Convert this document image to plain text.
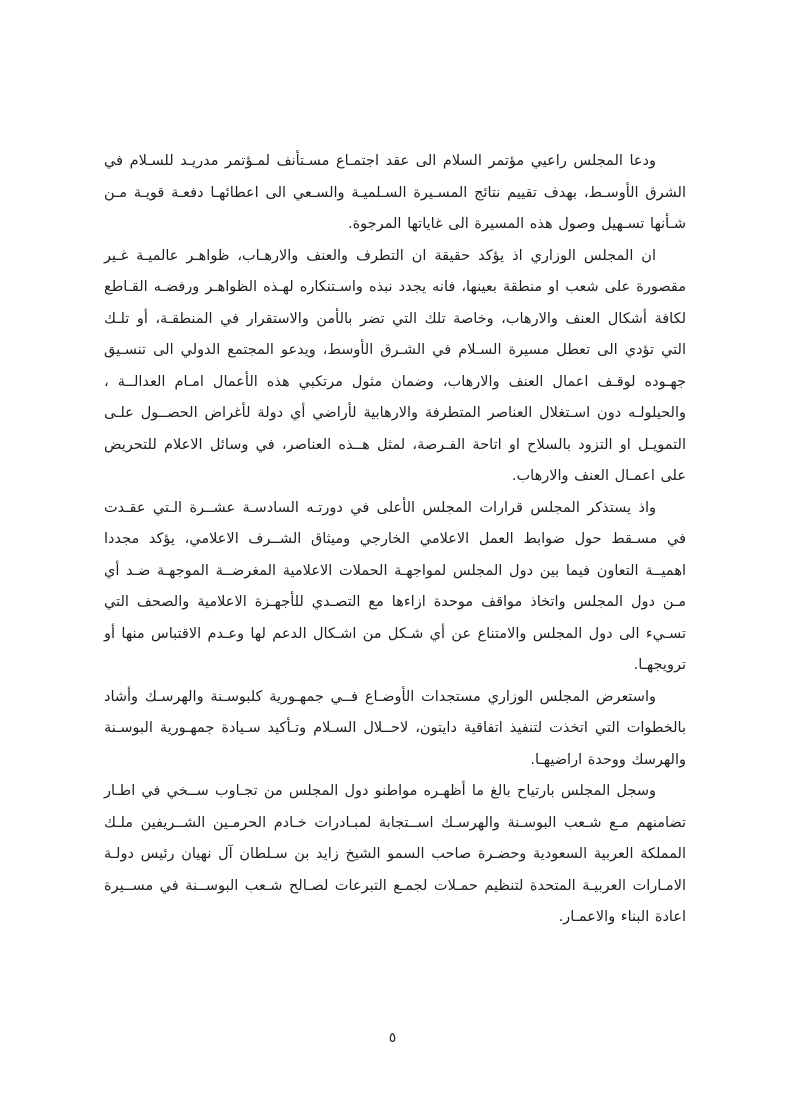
ودعا المجلس راعيي مؤتمر السلام الى عقد اجتمـاع مسـتأنف لمـؤتمر مدريـد للسـلام في الشرق الأوسـط، بهدف تقييم نتائج المسـيرة السـلميـة والسـعي الى اعطائهـا دفعـة قويـة مـن شـأنها تسـهيل وصول هذه المسيرة الى غاياتها المرجوة.

ان المجلس الوزاري اذ يؤكد حقيقة ان التطرف والعنف والارهـاب، ظواهـر عالميـة غـير مقصورة على شعب او منطقة بعينها، فانه يجدد نبذه واسـتنكاره لهـذه الظواهـر ورفضـه القـاطع لكافة أشكال العنف والارهاب، وخاصة تلك التي تضر بالأمن والاستقرار في المنطقـة، أو تلـك التي تؤدي الى تعطل مسيرة السـلام في الشـرق الأوسط، ويدعو المجتمع الدولي الى تنسـيق جهـوده لوقـف اعمال العنف والارهاب، وضمان مثول مرتكبي هذه الأعمال امـام العدالــة ، والحيلولـه دون اسـتغلال العناصر المتطرفة والارهابية لأراضي أي دولة لأغراض الحصــول علـى التمويـل او التزود بالسلاح او اتاحة الفـرصة، لمثل هــذه العناصر، في وسائل الاعلام للتحريض على اعمـال العنف والارهاب.

واذ يستذكر المجلس قرارات المجلس الأعلى في دورتـه السادسـة عشــرة الـتي عقـدت في مسـقط حول ضوابط العمل الاعلامي الخارجي وميثاق الشــرف الاعلامي، يؤكد مجددا اهميــة التعاون فيما بين دول المجلس لمواجهـة الحملات الاعلامية المغرضــة الموجهـة ضـد أي مـن دول المجلس واتخاذ مواقف موحدة ازاءها مع التصـدي للأجهـزة الاعلامية والصحف التي تسـيء الى دول المجلس والامتناع عن أي شـكل من اشـكال الدعم لها وعـدم الاقتباس منها أو ترويجهـا.

واستعرض المجلس الوزاري مستجدات الأوضـاع فــي جمهـورية كلبوسـنة والهرسـك وأشاد بالخطوات التي اتخذت لتنفيذ اتفاقية دايتون، لاحــلال السـلام وتـأكيد سـيادة جمهـورية البوسـنة والهرسك ووحدة اراضيهـا.

وسجل المجلس بارتياح بالغ ما أظهـره مواطنو دول المجلس من تجـاوب ســخي في اطـار تضامنهم مـع شـعب البوسـنة والهرسـك اســتجابة لمبـادرات خـادم الحرمـين الشــريفين ملـك المملكة العربية السعودية وحضـرة صاحب السمو الشيخ زايد بن سـلطان آل نهيان رئيس دولـة الامـارات العربيـة المتحدة لتنظيم حمـلات لجمـع التبرعات لصـالح شـعب البوســنة في مســيرة اعادة البناء والاعمـار.

٥
